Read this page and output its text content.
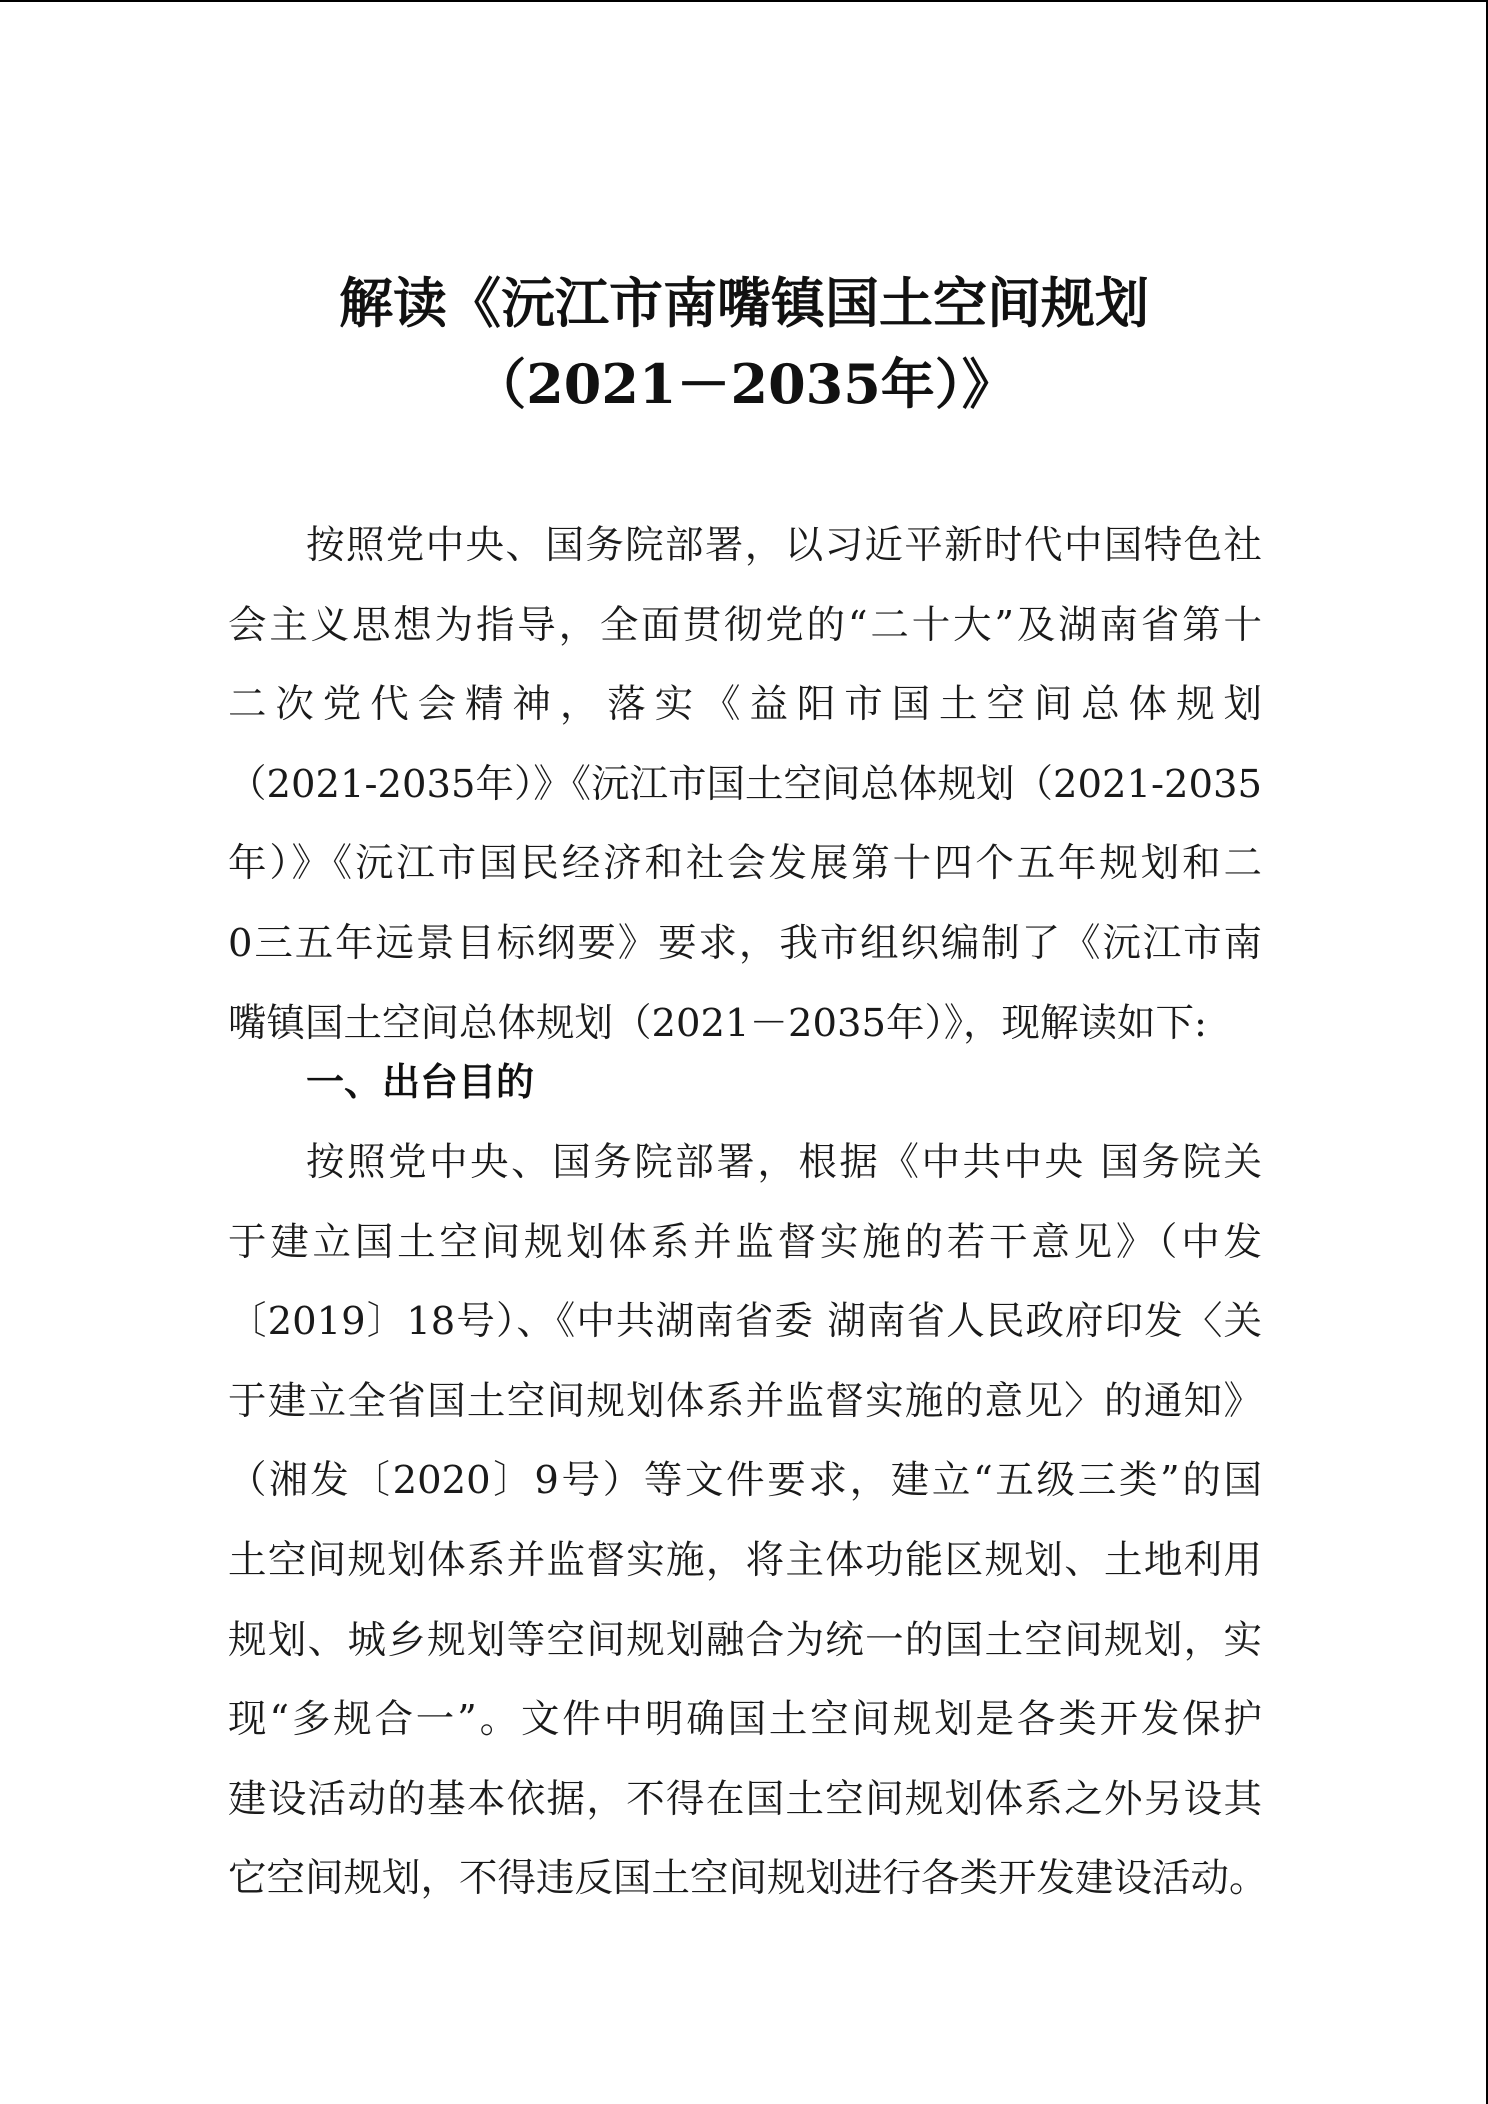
解读《沅江市南嘴镇国土空间规划
（2021－2035年）》
按照党中央、国务院部署，以习近平新时代中国特色社
会主义思想为指导，全面贯彻党的“二十大”及湖南省第十
二次党代会精神，落实《益阳市国土空间总体规划
（2021-2035年）》《沅江市国土空间总体规划（2021-2035
年）》《沅江市国民经济和社会发展第十四个五年规划和二
0三五年远景目标纲要》要求，我市组织编制了《沅江市南
嘴镇国土空间总体规划（2021－2035年）》，现解读如下:
一、出台目的
按照党中央、国务院部署，根据《中共中央 国务院关
于建立国土空间规划体系并监督实施的若干意见》（中发
〔2019〕18号）、《中共湖南省委 湖南省人民政府印发〈关
于建立全省国土空间规划体系并监督实施的意见〉的通知》
（湘发〔2020〕9号）等文件要求，建立“五级三类”的国
土空间规划体系并监督实施，将主体功能区规划、土地利用
规划、城乡规划等空间规划融合为统一的国土空间规划，实
现“多规合一”。文件中明确国土空间规划是各类开发保护
建设活动的基本依据，不得在国土空间规划体系之外另设其
它空间规划，不得违反国土空间规划进行各类开发建设活动。
